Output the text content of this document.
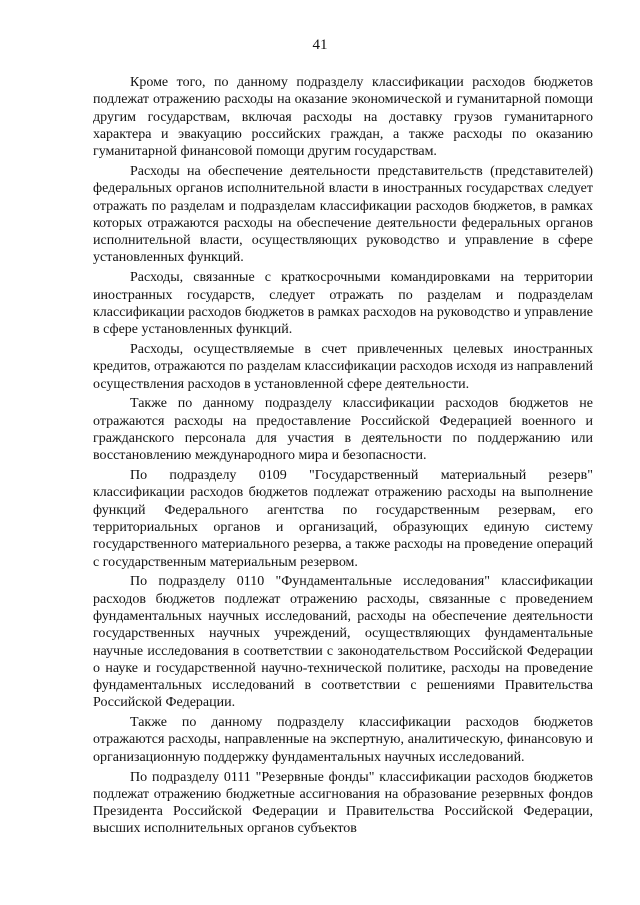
41

Кроме того, по данному подразделу классификации расходов бюджетов подлежат отражению расходы на оказание экономической и гуманитарной помощи другим государствам, включая расходы на доставку грузов гуманитарного характера и эвакуацию российских граждан, а также расходы по оказанию гуманитарной финансовой помощи другим государствам.

Расходы на обеспечение деятельности представительств (представителей) федеральных органов исполнительной власти в иностранных государствах следует отражать по разделам и подразделам классификации расходов бюджетов, в рамках которых отражаются расходы на обеспечение деятельности федеральных органов исполнительной власти, осуществляющих руководство и управление в сфере установленных функций.

Расходы, связанные с краткосрочными командировками на территории иностранных государств, следует отражать по разделам и подразделам классификации расходов бюджетов в рамках расходов на руководство и управление в сфере установленных функций.

Расходы, осуществляемые в счет привлеченных целевых иностранных кредитов, отражаются по разделам классификации расходов исходя из направлений осуществления расходов в установленной сфере деятельности.

Также по данному подразделу классификации расходов бюджетов не отражаются расходы на предоставление Российской Федерацией военного и гражданского персонала для участия в деятельности по поддержанию или восстановлению международного мира и безопасности.

По подразделу 0109 "Государственный материальный резерв" классификации расходов бюджетов подлежат отражению расходы на выполнение функций Федерального агентства по государственным резервам, его территориальных органов и организаций, образующих единую систему государственного материального резерва, а также расходы на проведение операций с государственным материальным резервом.

По подразделу 0110 "Фундаментальные исследования" классификации расходов бюджетов подлежат отражению расходы, связанные с проведением фундаментальных научных исследований, расходы на обеспечение деятельности государственных научных учреждений, осуществляющих фундаментальные научные исследования в соответствии с законодательством Российской Федерации о науке и государственной научно-технической политике, расходы на проведение фундаментальных исследований в соответствии с решениями Правительства Российской Федерации.

Также по данному подразделу классификации расходов бюджетов отражаются расходы, направленные на экспертную, аналитическую, финансовую и организационную поддержку фундаментальных научных исследований.

По подразделу 0111 "Резервные фонды" классификации расходов бюджетов подлежат отражению бюджетные ассигнования на образование резервных фондов Президента Российской Федерации и Правительства Российской Федерации, высших исполнительных органов субъектов
